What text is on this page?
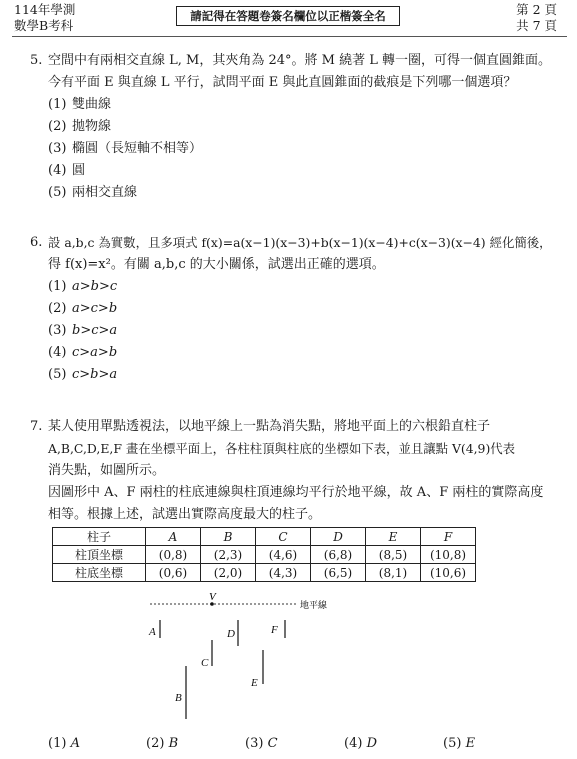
114年學測
數學B考科
請記得在答題卷簽名欄位以正楷簽全名	第 2 頁
共 7 頁
5. 空間中有兩相交直線 L, M，其夾角為 24°。將 M 繞著 L 轉一圈，可得一個直圓錐面。
今有平面 E 與直線 L 平行，試問平面 E 與此直圓錐面的截痕是下列哪一個選項？
(1) 雙曲線
(2) 拋物線
(3) 橢圓（長短軸不相等）
(4) 圓
(5) 兩相交直線
6. 設 a,b,c 為實數，且多項式 f(x)=a(x−1)(x−3)+b(x−1)(x−4)+c(x−3)(x−4) 經化簡後，
得 f(x)=x²。有關 a,b,c 的大小關係，試選出正確的選項。
(1) a>b>c
(2) a>c>b
(3) b>c>a
(4) c>a>b
(5) c>b>a
7. 某人使用單點透視法，以地平線上一點為消失點，將地平面上的六根鉛直柱子
A,B,C,D,E,F 畫在坐標平面上，各柱柱頂與柱底的坐標如下表，並且讓點 V(4,9)代表
消失點，如圖所示。
因圖形中 A、F 兩柱的柱底連線與柱頂連線均平行於地平線，故 A、F 兩柱的實際高度
相等。根據上述，試選出實際高度最大的柱子。
柱子	A	B	C	D	E	F
柱頂坐標	(0,8)	(2,3)	(4,6)	(6,8)	(8,5)	(10,8)
柱底坐標	(0,6)	(2,0)	(4,3)	(6,5)	(8,1)	(10,6)
V
地平線
A
B
C
D
E
F
(1) A	(2) B	(3) C	(4) D	(5) E
